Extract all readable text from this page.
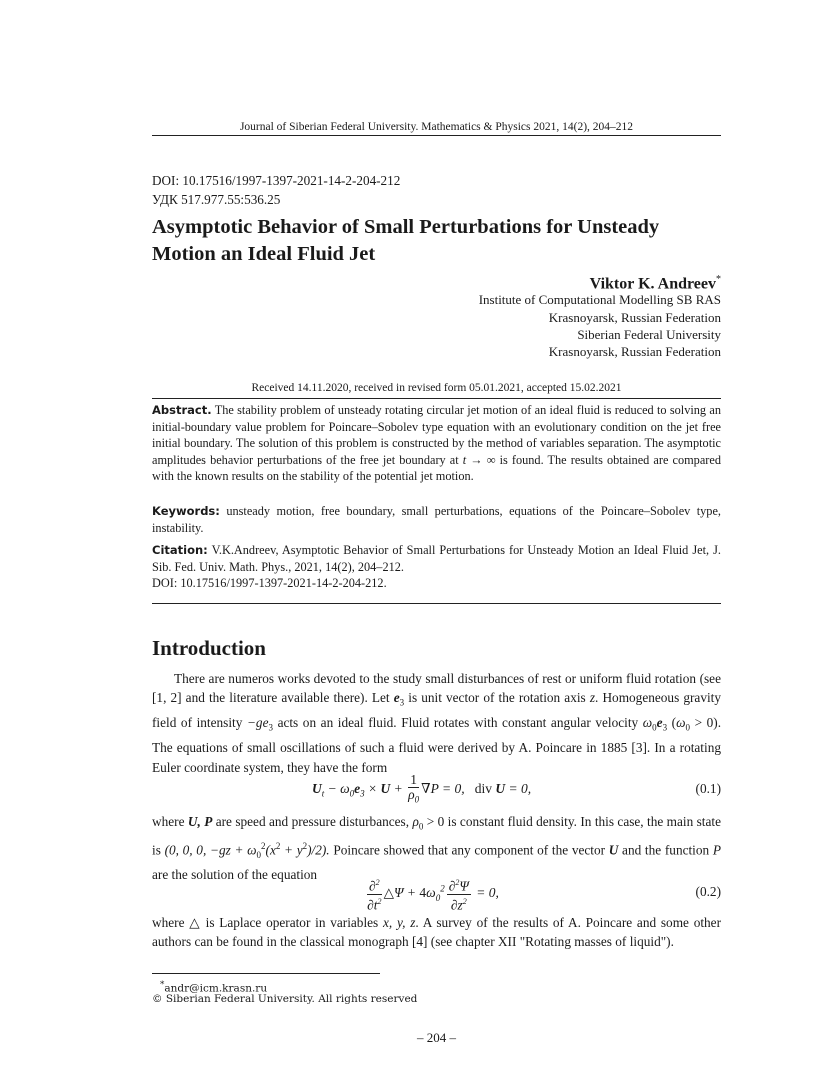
Journal of Siberian Federal University. Mathematics & Physics 2021, 14(2), 204–212
DOI: 10.17516/1997-1397-2021-14-2-204-212
УДК 517.977.55:536.25
Asymptotic Behavior of Small Perturbations for Unsteady Motion an Ideal Fluid Jet
Viktor K. Andreev*
Institute of Computational Modelling SB RAS
Krasnoyarsk, Russian Federation
Siberian Federal University
Krasnoyarsk, Russian Federation
Received 14.11.2020, received in revised form 05.01.2021, accepted 15.02.2021
Abstract. The stability problem of unsteady rotating circular jet motion of an ideal fluid is reduced to solving an initial-boundary value problem for Poincare–Sobolev type equation with an evolutionary condition on the jet free initial boundary. The solution of this problem is constructed by the method of variables separation. The asymptotic amplitudes behavior perturbations of the free jet boundary at t → ∞ is found. The results obtained are compared with the known results on the stability of the potential jet motion.
Keywords: unsteady motion, free boundary, small perturbations, equations of the Poincare–Sobolev type, instability.
Citation: V.K.Andreev, Asymptotic Behavior of Small Perturbations for Unsteady Motion an Ideal Fluid Jet, J. Sib. Fed. Univ. Math. Phys., 2021, 14(2), 204–212.
DOI: 10.17516/1997-1397-2021-14-2-204-212.
Introduction
There are numeros works devoted to the study small disturbances of rest or uniform fluid rotation (see [1, 2] and the literature available there). Let $e_3$ is unit vector of the rotation axis z. Homogeneous gravity field of intensity $-ge_3$ acts on an ideal fluid. Fluid rotates with constant angular velocity $\omega_0e_3$ $(\omega_0 > 0)$. The equations of small oscillations of such a fluid were derived by A. Poincare in 1885 [3]. In a rotating Euler coordinate system, they have the form
$U_t - \omega_0e_3 \times U + \frac{1}{\rho_0} \nabla P = 0$,   div U = 0,	(0.1)
where U, P are speed and pressure disturbances, $\rho_0 > 0$ is constant fluid density. In this case, the main state is (0, 0, 0, $-gz + \omega_0^2(x^2 + y^2)/2$). Poincare showed that any component of the vector U and the function P are the solution of the equation
$\frac{\partial^2}{\partial t^2}$ △Ψ + $4\omega_0^2 \frac{\partial^2\Psi}{\partial z^2} = 0$,	(0.2)
where △ is Laplace operator in variables x, y, z. A survey of the results of A. Poincare and some other authors can be found in the classical monograph [4] (see chapter XII "Rotating masses of liquid").
*andr@icm.krasn.ru
© Siberian Federal University. All rights reserved
– 204 –
